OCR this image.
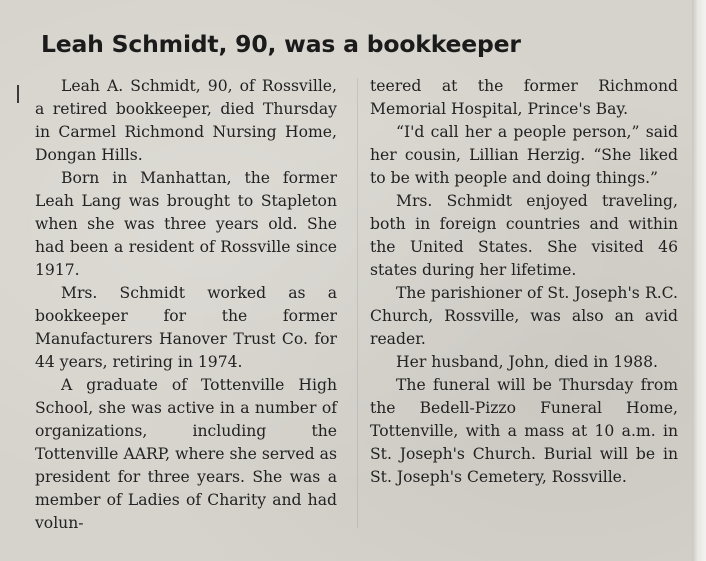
Leah Schmidt, 90, was a bookkeeper

Leah A. Schmidt, 90, of Rossville, a retired bookkeeper, died Thursday in Carmel Richmond Nursing Home, Dongan Hills.

Born in Manhattan, the former Leah Lang was brought to Stapleton when she was three years old. She had been a resident of Rossville since 1917.

Mrs. Schmidt worked as a bookkeeper for the former Manufacturers Hanover Trust Co. for 44 years, retiring in 1974.

A graduate of Tottenville High School, she was active in a number of organizations, including the Tottenville AARP, where she served as president for three years. She was a member of Ladies of Charity and had volun-

teered at the former Richmond Memorial Hospital, Prince's Bay.

“I'd call her a people person,” said her cousin, Lillian Herzig. “She liked to be with people and doing things.”

Mrs. Schmidt enjoyed traveling, both in foreign countries and within the United States. She visited 46 states during her lifetime.

The parishioner of St. Joseph's R.C. Church, Rossville, was also an avid reader.

Her husband, John, died in 1988.

The funeral will be Thursday from the Bedell-Pizzo Funeral Home, Tottenville, with a mass at 10 a.m. in St. Joseph's Church. Burial will be in St. Joseph's Cemetery, Rossville.
